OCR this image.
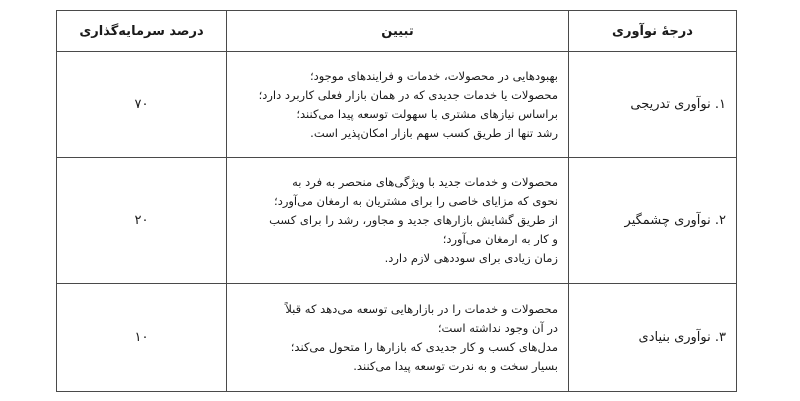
درجۀ نوآوری	تبیین	درصد سرمایه‌گذاری
۱. نوآوری تدریجی	بهبودهایی در محصولات، خدمات و فرایندهای موجود؛
محصولات یا خدمات جدیدی که در همان بازار فعلی کاربرد دارد؛
براساس نیازهای مشتری با سهولت توسعه پیدا می‌کنند؛
رشد تنها از طریق کسب سهم بازار امکان‌پذیر است.	۷۰
۲. نوآوری چشمگیر	محصولات و خدمات جدید با ویژگی‌های منحصر به فرد به
نحوی که مزایای خاصی را برای مشتریان به ارمغان می‌آورد؛
از طریق گشایش بازارهای جدید و مجاور، رشد را برای کسب
و کار به ارمغان می‌آورد؛
زمان زیادی برای سوددهی لازم دارد.	۲۰
۳. نوآوری بنیادی	محصولات و خدمات را در بازارهایی توسعه می‌دهد که قبلاً
در آن وجود نداشته است؛
مدل‌های کسب و کار جدیدی که بازارها را متحول می‌کند؛
بسیار سخت و به ندرت توسعه پیدا می‌کنند.	۱۰
